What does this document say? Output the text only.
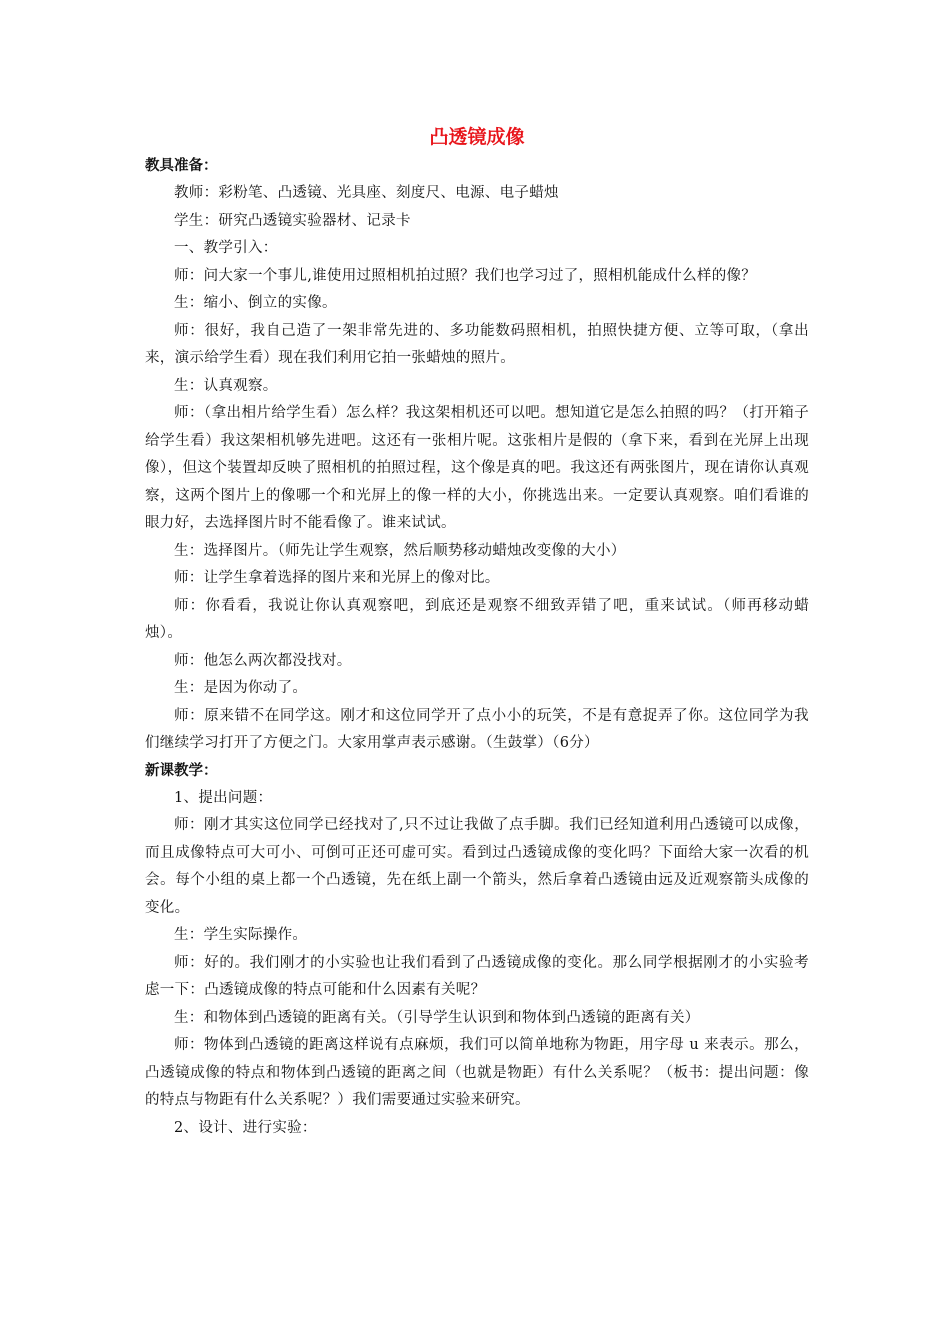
凸透镜成像

教具准备：

教师：彩粉笔、凸透镜、光具座、刻度尺、电源、电子蜡烛

学生：研究凸透镜实验器材、记录卡

一、教学引入：

师：问大家一个事儿,谁使用过照相机拍过照？我们也学习过了，照相机能成什么样的像？

生：缩小、倒立的实像。

师：很好，我自己造了一架非常先进的、多功能数码照相机，拍照快捷方便、立等可取，（拿出来，演示给学生看）现在我们利用它拍一张蜡烛的照片。

生：认真观察。

师：（拿出相片给学生看）怎么样？我这架相机还可以吧。想知道它是怎么拍照的吗？（打开箱子给学生看）我这架相机够先进吧。这还有一张相片呢。这张相片是假的（拿下来，看到在光屏上出现像），但这个装置却反映了照相机的拍照过程，这个像是真的吧。我这还有两张图片，现在请你认真观察，这两个图片上的像哪一个和光屏上的像一样的大小，你挑选出来。一定要认真观察。咱们看谁的眼力好，去选择图片时不能看像了。谁来试试。

生：选择图片。（师先让学生观察，然后顺势移动蜡烛改变像的大小）

师：让学生拿着选择的图片来和光屏上的像对比。

师：你看看，我说让你认真观察吧，到底还是观察不细致弄错了吧，重来试试。（师再移动蜡烛）。

师：他怎么两次都没找对。

生：是因为你动了。

师：原来错不在同学这。刚才和这位同学开了点小小的玩笑，不是有意捉弄了你。这位同学为我们继续学习打开了方便之门。大家用掌声表示感谢。（生鼓掌）（6分）

新课教学：

1、提出问题：

师：刚才其实这位同学已经找对了,只不过让我做了点手脚。我们已经知道利用凸透镜可以成像，而且成像特点可大可小、可倒可正还可虚可实。看到过凸透镜成像的变化吗？下面给大家一次看的机会。每个小组的桌上都一个凸透镜，先在纸上副一个箭头，然后拿着凸透镜由远及近观察箭头成像的变化。

生：学生实际操作。

师：好的。我们刚才的小实验也让我们看到了凸透镜成像的变化。那么同学根据刚才的小实验考虑一下：凸透镜成像的特点可能和什么因素有关呢？

生：和物体到凸透镜的距离有关。（引导学生认识到和物体到凸透镜的距离有关）

师：物体到凸透镜的距离这样说有点麻烦，我们可以简单地称为物距，用字母 u 来表示。那么，凸透镜成像的特点和物体到凸透镜的距离之间（也就是物距）有什么关系呢？（板书：提出问题：像的特点与物距有什么关系呢？）我们需要通过实验来研究。

2、设计、进行实验：
